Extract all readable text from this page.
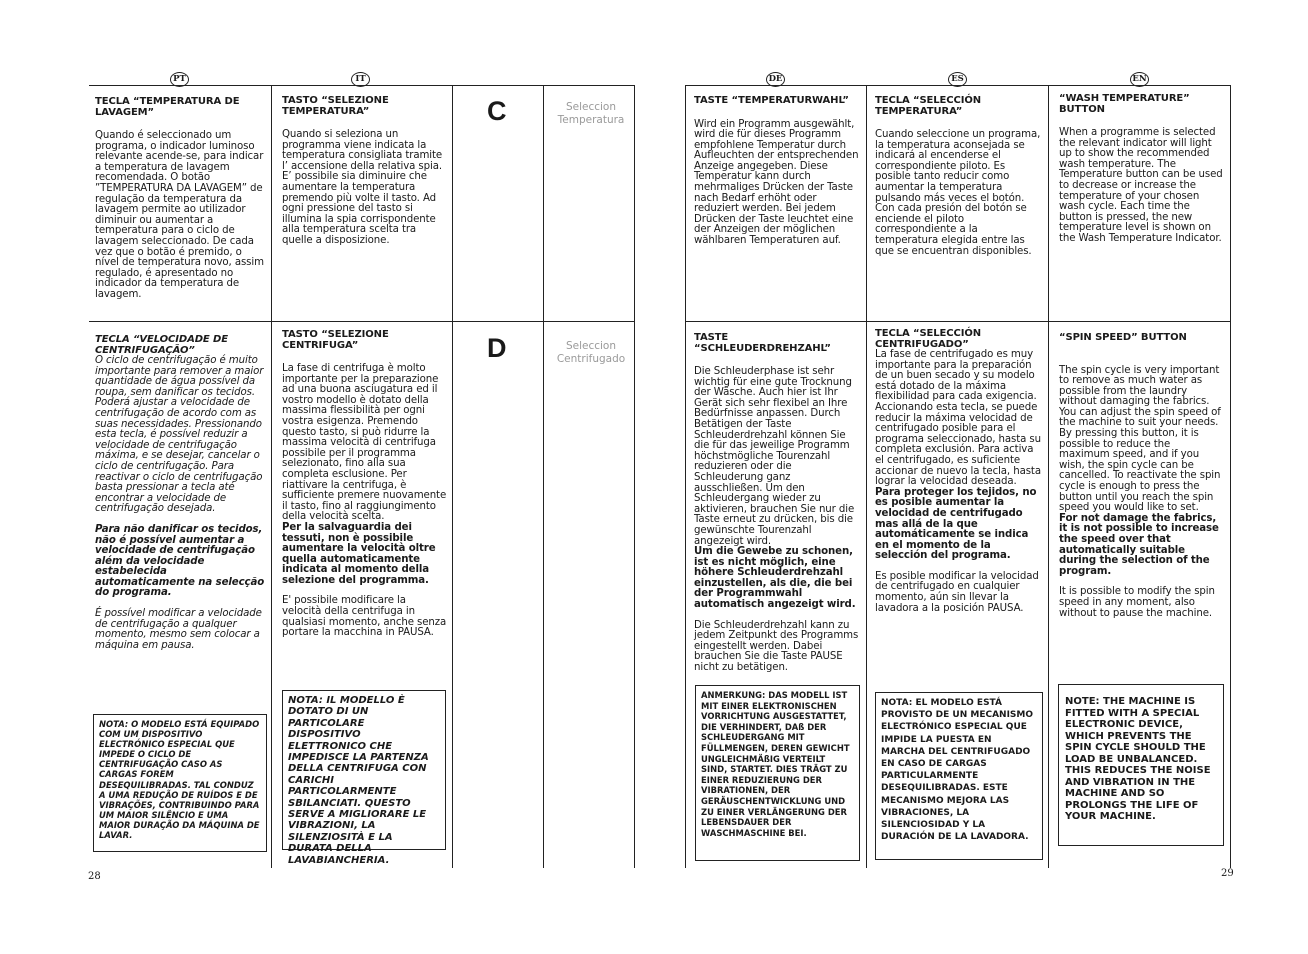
PT	IT	DE	ES	EN
C	Seleccion
Temperatura
D	Seleccion
Centrifugado
TECLA “TEMPERATURA DE LAVAGEM”

Quando é seleccionado um programa, o indicador luminoso relevante acende-se, para indicar a temperatura de lavagem recomendada. O botão ”TEMPERATURA DA LAVAGEM” de regulação da temperatura da lavagem permite ao utilizador diminuir ou aumentar a temperatura para o ciclo de lavagem seleccionado. De cada vez que o botão é premido, o nível de temperatura novo, assim regulado, é apresentado no indicador da temperatura de lavagem.

TECLA “VELOCIDADE DE CENTRIFUGAÇÃO”

O ciclo de centrifugação é muito importante para remover a maior quantidade de água possível da roupa, sem danificar os tecidos. Poderá ajustar a velocidade de centrifugação de acordo com as suas necessidades. Pressionando esta tecla, é possível reduzir a velocidade de centrifugação máxima, e se desejar, cancelar o ciclo de centrifugação. Para reactivar o ciclo de centrifugação basta pressionar a tecla até encontrar a velocidade de centrifugação desejada.

Para não danificar os tecidos, não é possível aumentar a velocidade de centrifugação além da velocidade estabelecida automaticamente na selecção do programa.

É possível modificar a velocidade de centrifugação a qualquer momento, mesmo sem colocar a máquina em pausa.

NOTA: O MODELO ESTÁ EQUIPADO COM UM DISPOSITIVO ELECTRÓNICO ESPECIAL QUE IMPEDE O CICLO DE CENTRIFUGAÇÃO CASO AS CARGAS FOREM DESEQUILIBRADAS. TAL CONDUZ A UMA REDUÇÃO DE RUÍDOS E DE VIBRAÇÕES, CONTRIBUINDO PARA UM MAIOR SILÊNCIO E UMA MAIOR DURAÇÃO DA MÁQUINA DE LAVAR.
TASTO “SELEZIONE TEMPERATURA”

Quando si seleziona un programma viene indicata la temperatura consigliata tramite l’ accensione della relativa spia. E’ possibile sia diminuire che aumentare la temperatura premendo più volte il tasto. Ad ogni pressione del tasto si illumina la spia corrispondente alla temperatura scelta tra quelle a disposizione.

TASTO “SELEZIONE CENTRIFUGA”

La fase di centrifuga è molto importante per la preparazione ad una buona asciugatura ed il vostro modello è dotato della massima flessibilità per ogni vostra esigenza. Premendo questo tasto, si può ridurre la massima velocità di centrifuga possibile per il programma selezionato, fino alla sua completa esclusione. Per riattivare la centrifuga, è sufficiente premere nuovamente il tasto, fino al raggiungimento della velocità scelta.

Per la salvaguardia dei tessuti, non è possibile aumentare la velocità oltre quella automaticamente indicata al momento della selezione del programma.

E' possibile modificare la velocità della centrifuga in qualsiasi momento, anche senza portare la macchina in PAUSA.

NOTA: IL MODELLO È DOTATO DI UN PARTICOLARE DISPOSITIVO ELETTRONICO CHE IMPEDISCE LA PARTENZA DELLA CENTRIFUGA CON CARICHI PARTICOLARMENTE SBILANCIATI. QUESTO SERVE A MIGLIORARE LE VIBRAZIONI, LA SILENZIOSITÀ E LA DURATA DELLA LAVABIANCHERIA.
TASTE “TEMPERATURWAHL”

Wird ein Programm ausgewählt, wird die für dieses Programm empfohlene Temperatur durch Aufleuchten der entsprechenden Anzeige angegeben. Diese Temperatur kann durch mehrmaliges Drücken der Taste nach Bedarf erhöht oder reduziert werden. Bei jedem Drücken der Taste leuchtet eine der Anzeigen der möglichen wählbaren Temperaturen auf.

TASTE “SCHLEUDERDREHZAHL”

Die Schleuderphase ist sehr wichtig für eine gute Trocknung der Wäsche. Auch hier ist Ihr Gerät sich sehr flexibel an Ihre Bedürfnisse anpassen. Durch Betätigen der Taste Schleuderdrehzahl können Sie die für das jeweilige Programm höchstmögliche Tourenzahl reduzieren oder die Schleuderung ganz ausschließen. Um den Schleudergang wieder zu aktivieren, brauchen Sie nur die Taste erneut zu drücken, bis die gewünschte Tourenzahl angezeigt wird.

Um die Gewebe zu schonen, ist es nicht möglich, eine höhere Schleuderdrehzahl einzustellen, als die, die bei der Programmwahl automatisch angezeigt wird.

Die Schleuderdrehzahl kann zu jedem Zeitpunkt des Programms eingestellt werden. Dabei brauchen Sie die Taste PAUSE nicht zu betätigen.

ANMERKUNG: DAS MODELL IST MIT EINER ELEKTRONISCHEN VORRICHTUNG AUSGESTATTET, DIE VERHINDERT, DAß DER SCHLEUDERGANG MIT FÜLLMENGEN, DEREN GEWICHT UNGLEICHMÄßIG VERTEILT SIND, STARTET. DIES TRÄGT ZU EINER REDUZIERUNG DER VIBRATIONEN, DER GERÄUSCHENTWICKLUNG UND ZU EINER VERLÄNGERUNG DER LEBENSDAUER DER WASCHMASCHINE BEI.
TECLA “SELECCIÓN TEMPERATURA”

Cuando seleccione un programa, la temperatura aconsejada se indicará al encenderse el correspondiente piloto. Es posible tanto reducir como aumentar la temperatura pulsando más veces el botón. Con cada presión del botón se enciende el piloto correspondiente a la temperatura elegida entre las que se encuentran disponibles.

TECLA “SELECCIÓN CENTRIFUGADO”

La fase de centrifugado es muy importante para la preparación de un buen secado y su modelo está dotado de la máxima flexibilidad para cada exigencia. Accionando esta tecla, se puede reducir la máxima velocidad de centrifugado posible para el programa seleccionado, hasta su completa exclusión. Para activa el centrifugado, es suficiente accionar de nuevo la tecla, hasta lograr la velocidad deseada.

Para proteger los tejidos, no es posible aumentar la velocidad de centrifugado mas allá de la que automáticamente se indica en el momento de la selección del programa.

Es posible modificar la velocidad de centrifugado en cualquier momento, aún sin llevar la lavadora a la posición PAUSA.

NOTA: EL MODELO ESTÁ PROVISTO DE UN MECANISMO ELECTRÓNICO ESPECIAL QUE IMPIDE LA PUESTA EN MARCHA DEL CENTRIFUGADO EN CASO DE CARGAS PARTICULARMENTE DESEQUILIBRADAS. ESTE MECANISMO MEJORA LAS VIBRACIONES, LA SILENCIOSIDAD Y LA DURACIÓN DE LA LAVADORA.
“WASH TEMPERATURE” BUTTON

When a programme is selected the relevant indicator will light up to show the recommended wash temperature. The Temperature button can be used to decrease or increase the temperature of your chosen wash cycle. Each time the button is pressed, the new temperature level is shown on the Wash Temperature Indicator.

“SPIN SPEED” BUTTON

The spin cycle is very important to remove as much water as possible from the laundry without damaging the fabrics. You can adjust the spin speed of the machine to suit your needs. By pressing this button, it is possible to reduce the maximum speed, and if you wish, the spin cycle can be cancelled. To reactivate the spin cycle is enough to press the button until you reach the spin speed you would like to set.

For not damage the fabrics, it is not possible to increase the speed over that automatically suitable during the selection of the program.

It is possible to modify the spin speed in any moment, also without to pause the machine.

NOTE: THE MACHINE IS FITTED WITH A SPECIAL ELECTRONIC DEVICE, WHICH PREVENTS THE SPIN CYCLE SHOULD THE LOAD BE UNBALANCED. THIS REDUCES THE NOISE AND VIBRATION IN THE MACHINE AND SO PROLONGS THE LIFE OF YOUR MACHINE.
28	29
